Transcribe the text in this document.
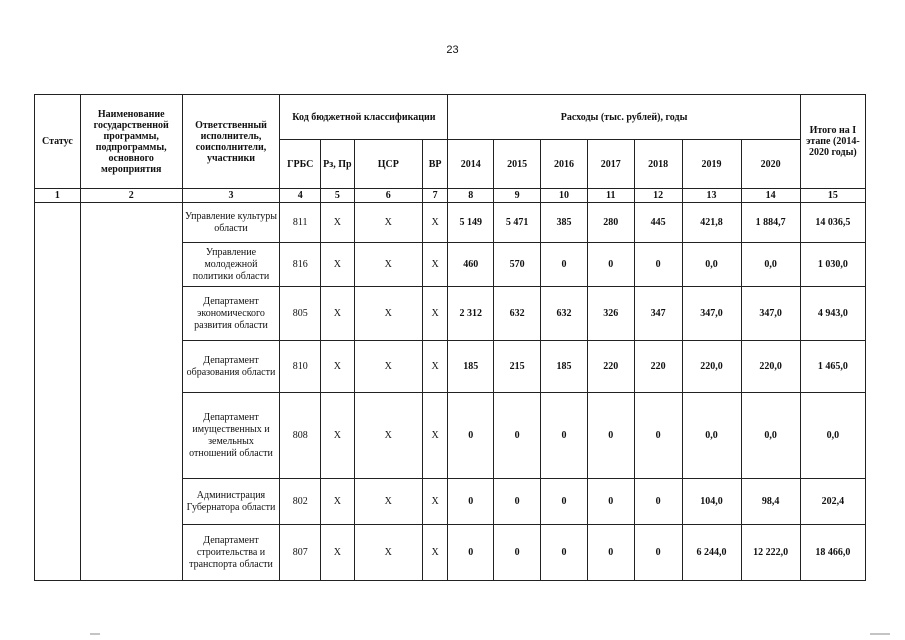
23
Статус	Наименование государственной программы, подпрограммы, основного мероприятия	Ответственный исполнитель, соисполнители, участники	Код бюджетной классификации				Расходы (тыс. рублей), годы							Итого на I этапе (2014-2020 годы)
			ГРБС	Рз, Пр	ЦСР	ВР	2014	2015	2016	2017	2018	2019	2020	
1	2	3	4	5	6	7	8	9	10	11	12	13	14	15
		Управление культуры области	811	X	X	X	5 149	5 471	385	280	445	421,8	1 884,7	14 036,5
		Управление молодежной политики области	816	X	X	X	460	570	0	0	0	0,0	0,0	1 030,0
		Департамент экономического развития области	805	X	X	X	2 312	632	632	326	347	347,0	347,0	4 943,0
		Департамент образования области	810	X	X	X	185	215	185	220	220	220,0	220,0	1 465,0
		Департамент имущественных и земельных отношений области	808	X	X	X	0	0	0	0	0	0,0	0,0	0,0
		Администрация Губернатора области	802	X	X	X	0	0	0	0	0	104,0	98,4	202,4
		Департамент строительства и транспорта области	807	X	X	X	0	0	0	0	0	6 244,0	12 222,0	18 466,0
